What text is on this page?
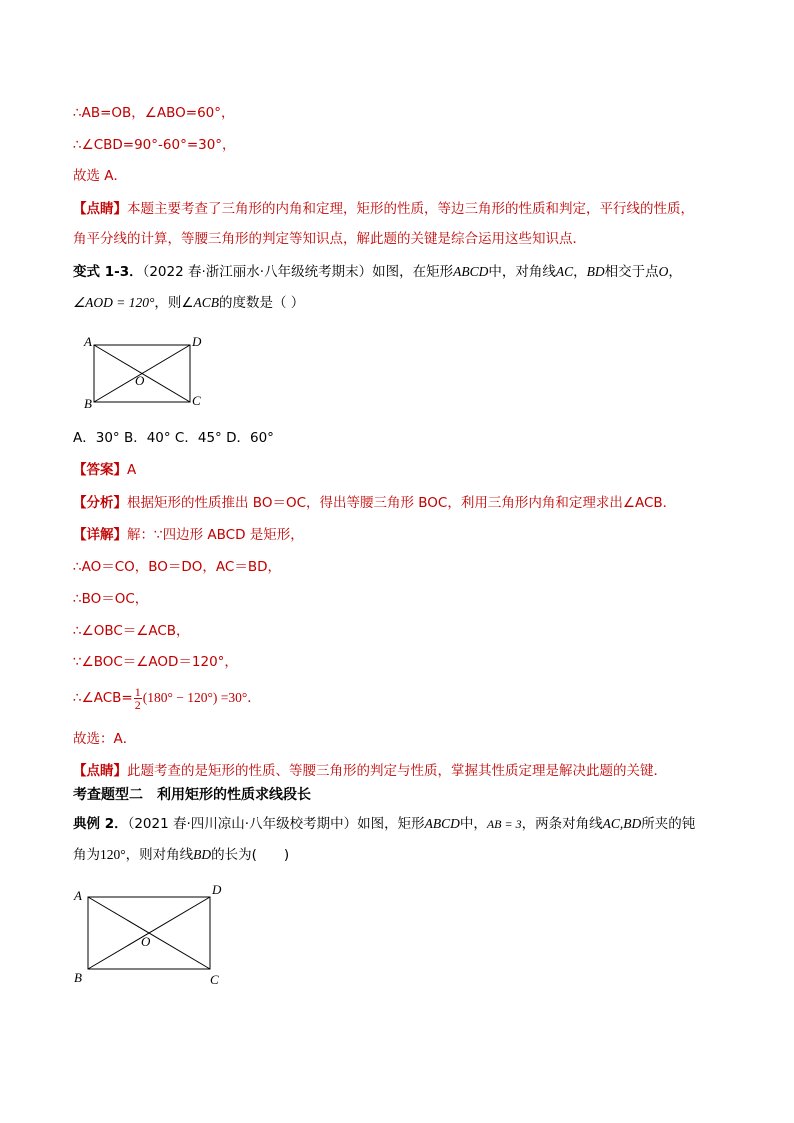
∴AB=OB，∠ABO=60°，
∴∠CBD=90°-60°=30°，
故选 A．
【点睛】本题主要考查了三角形的内角和定理，矩形的性质，等边三角形的性质和判定，平行线的性质，
角平分线的计算，等腰三角形的判定等知识点，解此题的关键是综合运用这些知识点．
变式 1-3．（2022 春·浙江丽水·八年级统考期末）如图，在矩形ABCD中，对角线AC，BD相交于点O，
∠AOD = 120°，则∠ACB的度数是（ ）
A	D
B	C
O
A．30° B．40° C．45° D．60°
【答案】A
【分析】根据矩形的性质推出 BO＝OC，得出等腰三角形 BOC，利用三角形内角和定理求出∠ACB．
【详解】解：∵四边形 ABCD 是矩形，
∴AO＝CO，BO＝DO，AC＝BD，
∴BO＝OC，
∴∠OBC＝∠ACB，
∵∠BOC＝∠AOD＝120°，
∴∠ACB= $\frac{1}{2} (180^\circ - 120^\circ) =30^\circ$．
故选：A．
【点睛】此题考查的是矩形的性质、等腰三角形的判定与性质，掌握其性质定理是解决此题的关键．
考查题型二　利用矩形的性质求线段长
典例 2．（2021 春·四川凉山·八年级校考期中）如图，矩形ABCD中，AB = 3，两条对角线AC,BD所夹的钝
角为120°，则对角线BD的长为(　　)
A	D
B	C
O
